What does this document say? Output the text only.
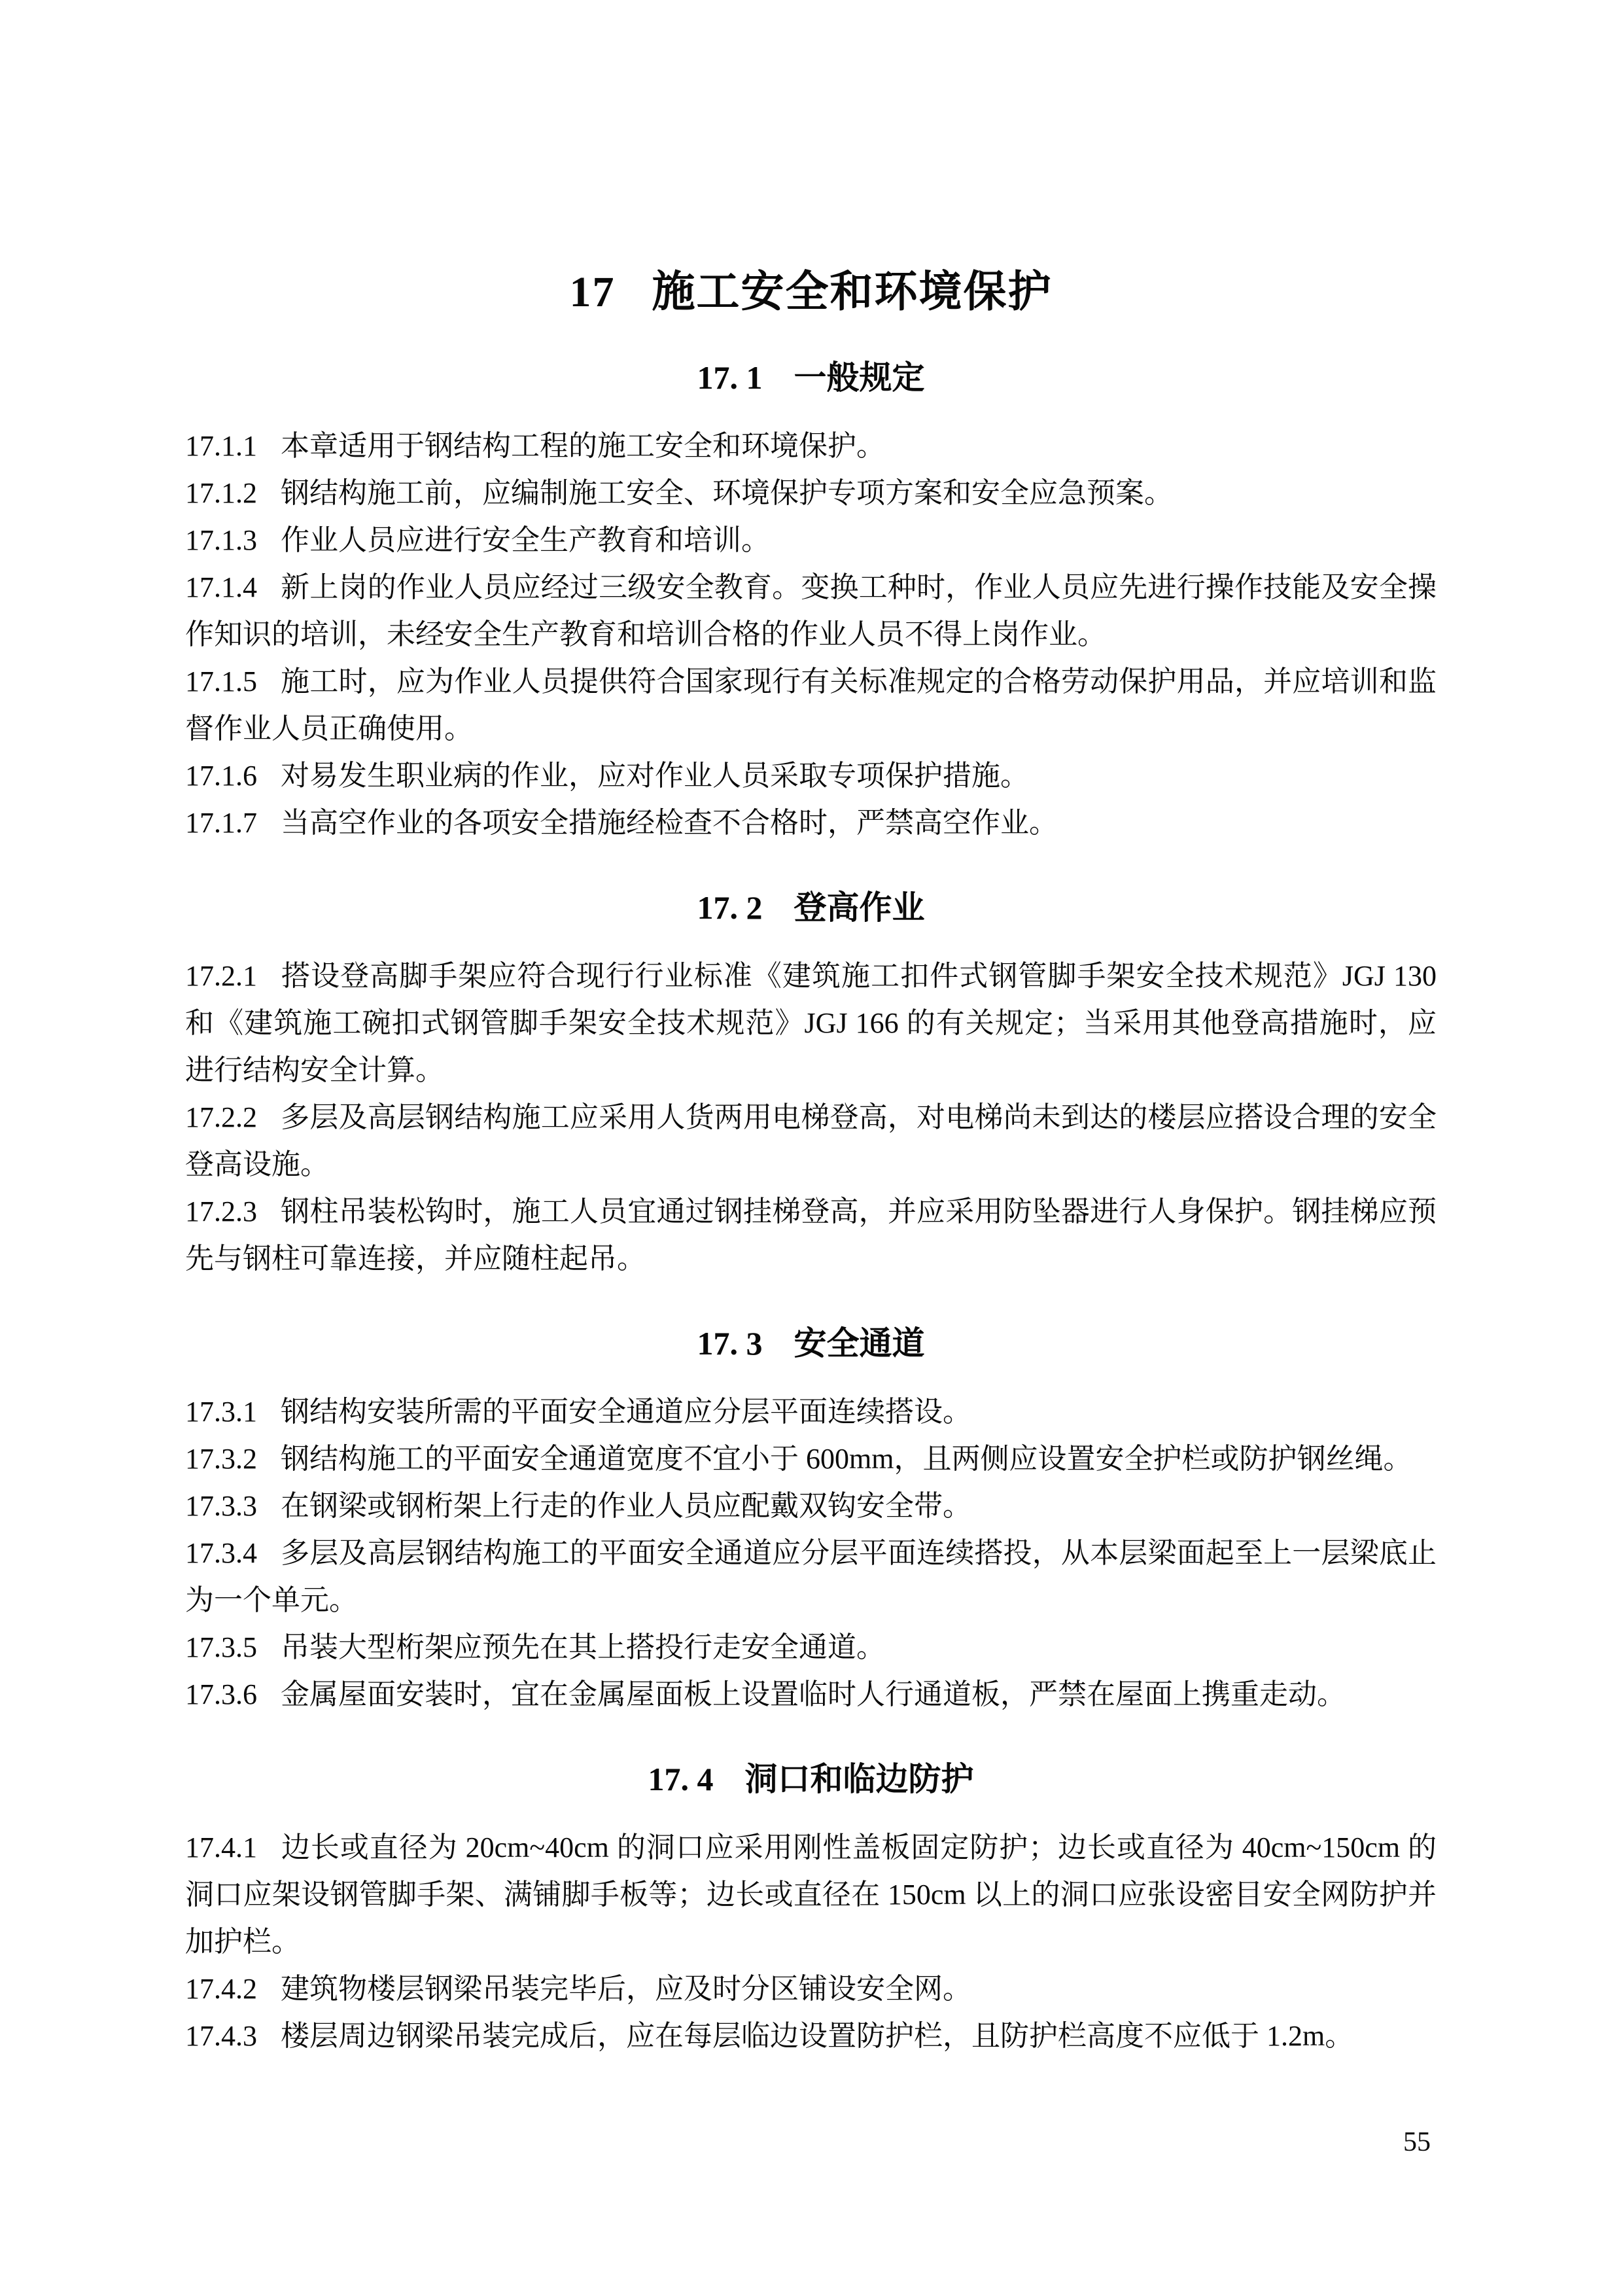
17 施工安全和环境保护
17. 1 一般规定

17.1.1 本章适用于钢结构工程的施工安全和环境保护。

17.1.2 钢结构施工前，应编制施工安全、环境保护专项方案和安全应急预案。

17.1.3 作业人员应进行安全生产教育和培训。

17.1.4 新上岗的作业人员应经过三级安全教育。变换工种时，作业人员应先进行操作技能及安全操作知识的培训，未经安全生产教育和培训合格的作业人员不得上岗作业。

17.1.5 施工时，应为作业人员提供符合国家现行有关标准规定的合格劳动保护用品，并应培训和监督作业人员正确使用。

17.1.6 对易发生职业病的作业，应对作业人员采取专项保护措施。

17.1.7 当高空作业的各项安全措施经检查不合格时，严禁高空作业。

17. 2 登高作业

17.2.1 搭设登高脚手架应符合现行行业标准《建筑施工扣件式钢管脚手架安全技术规范》JGJ 130 和《建筑施工碗扣式钢管脚手架安全技术规范》JGJ 166 的有关规定；当采用其他登高措施时，应进行结构安全计算。

17.2.2 多层及高层钢结构施工应采用人货两用电梯登高，对电梯尚未到达的楼层应搭设合理的安全登高设施。

17.2.3 钢柱吊装松钩时，施工人员宜通过钢挂梯登高，并应采用防坠器进行人身保护。钢挂梯应预先与钢柱可靠连接，并应随柱起吊。

17. 3 安全通道

17.3.1 钢结构安装所需的平面安全通道应分层平面连续搭设。

17.3.2 钢结构施工的平面安全通道宽度不宜小于 600mm，且两侧应设置安全护栏或防护钢丝绳。

17.3.3 在钢梁或钢桁架上行走的作业人员应配戴双钩安全带。

17.3.4 多层及高层钢结构施工的平面安全通道应分层平面连续搭投，从本层梁面起至上一层梁底止为一个单元。

17.3.5 吊装大型桁架应预先在其上搭投行走安全通道。

17.3.6 金属屋面安装时，宜在金属屋面板上设置临时人行通道板，严禁在屋面上携重走动。

17. 4 洞口和临边防护

17.4.1 边长或直径为 20cm~40cm 的洞口应采用刚性盖板固定防护；边长或直径为 40cm~150cm 的洞口应架设钢管脚手架、满铺脚手板等；边长或直径在 150cm 以上的洞口应张设密目安全网防护并加护栏。

17.4.2 建筑物楼层钢梁吊装完毕后，应及时分区铺设安全网。

17.4.3 楼层周边钢梁吊装完成后，应在每层临边设置防护栏，且防护栏高度不应低于 1.2m。

55
